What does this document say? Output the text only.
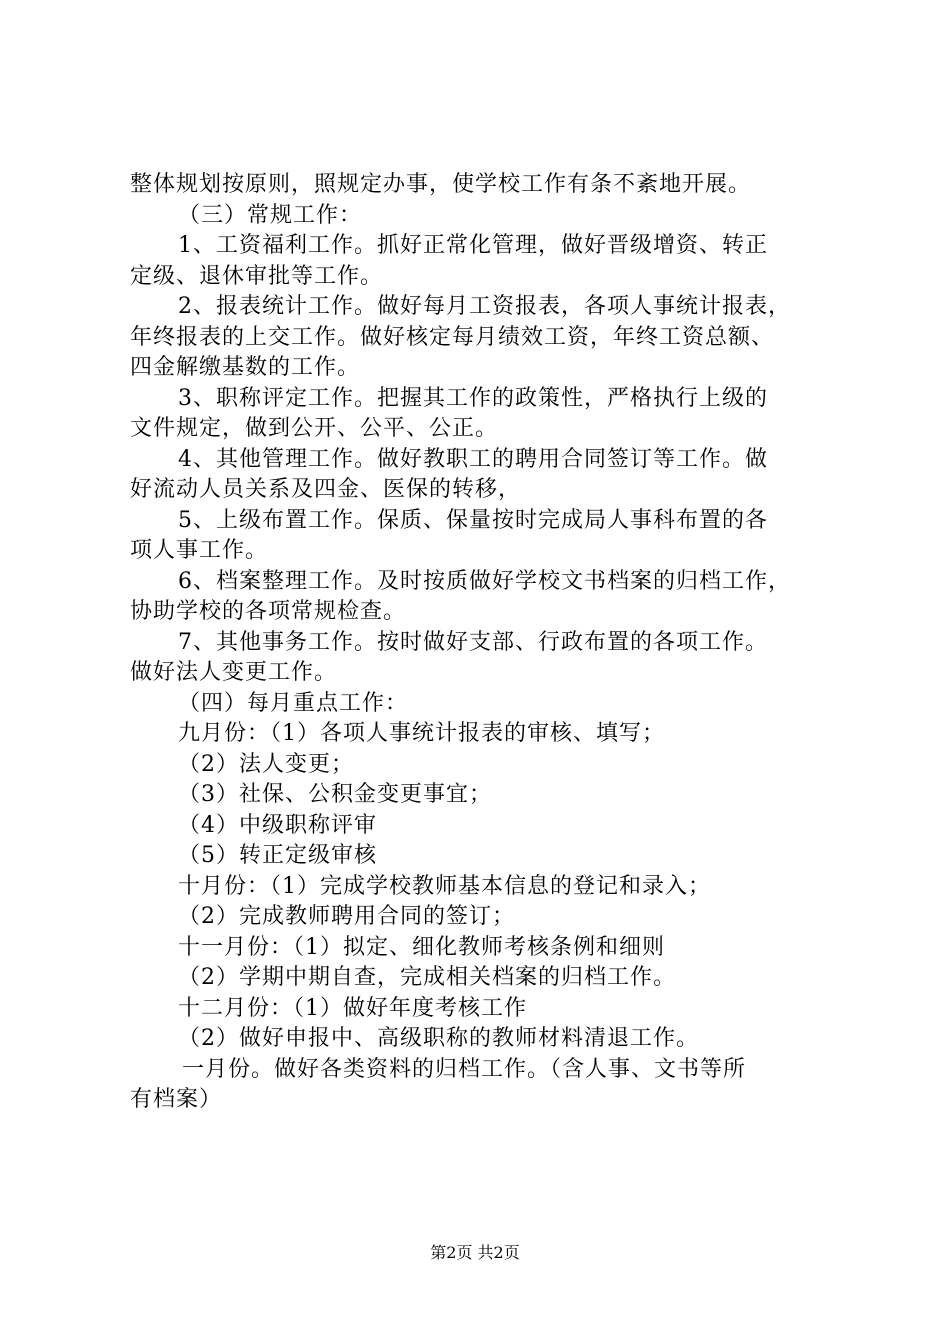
整体规划按原则，照规定办事，使学校工作有条不紊地开展。
（三）常规工作：
1、工资福利工作。抓好正常化管理，做好晋级增资、转正
定级、退休审批等工作。
2、报表统计工作。做好每月工资报表，各项人事统计报表，
年终报表的上交工作。做好核定每月绩效工资，年终工资总额、
四金解缴基数的工作。
3、职称评定工作。把握其工作的政策性，严格执行上级的
文件规定，做到公开、公平、公正。
4、其他管理工作。做好教职工的聘用合同签订等工作。做
好流动人员关系及四金、医保的转移，
5、上级布置工作。保质、保量按时完成局人事科布置的各
项人事工作。
6、档案整理工作。及时按质做好学校文书档案的归档工作，
协助学校的各项常规检查。
7、其他事务工作。按时做好支部、行政布置的各项工作。
做好法人变更工作。
（四）每月重点工作：
九月份：（1）各项人事统计报表的审核、填写；
（2）法人变更；
（3）社保、公积金变更事宜；
（4）中级职称评审
（5）转正定级审核
十月份：（1）完成学校教师基本信息的登记和录入；
（2）完成教师聘用合同的签订；
十一月份：（1）拟定、细化教师考核条例和细则
（2）学期中期自查，完成相关档案的归档工作。
十二月份：（1）做好年度考核工作
（2）做好申报中、高级职称的教师材料清退工作。
一月份。做好各类资料的归档工作。（含人事、文书等所
有档案）
第2页 共2页
